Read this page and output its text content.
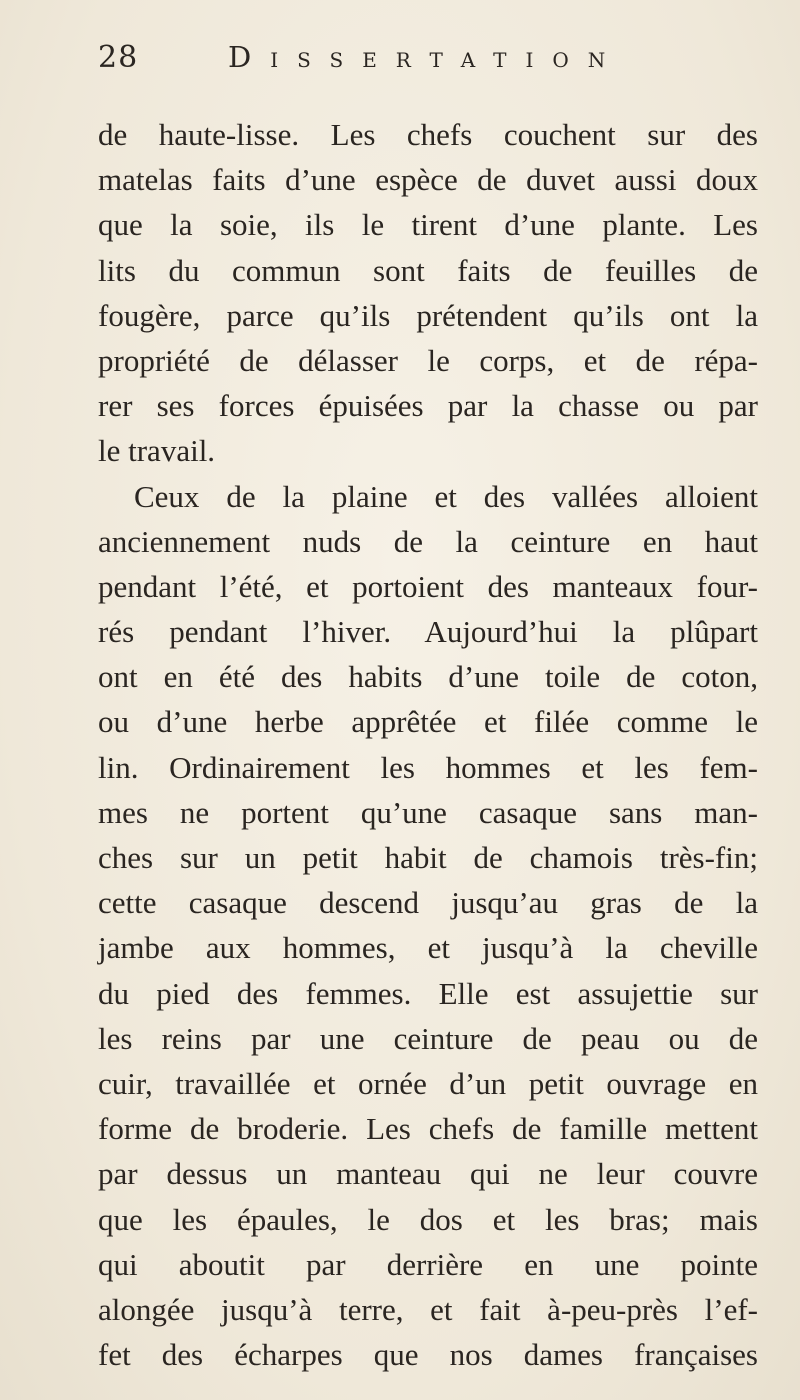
28	Dissertation
de haute-lisse. Les chefs couchent sur des
matelas faits d’une espèce de duvet aussi doux
que la soie, ils le tirent d’une plante. Les
lits du commun sont faits de feuilles de
fougère, parce qu’ils prétendent qu’ils ont la
propriété de délasser le corps, et de répa-
rer ses forces épuisées par la chasse ou par
le travail.
Ceux de la plaine et des vallées alloient
anciennement nuds de la ceinture en haut
pendant l’été, et portoient des manteaux four-
rés pendant l’hiver. Aujourd’hui la plûpart
ont en été des habits d’une toile de coton,
ou d’une herbe apprêtée et filée comme le
lin. Ordinairement les hommes et les fem-
mes ne portent qu’une casaque sans man-
ches sur un petit habit de chamois très-fin;
cette casaque descend jusqu’au gras de la
jambe aux hommes, et jusqu’à la cheville
du pied des femmes. Elle est assujettie sur
les reins par une ceinture de peau ou de
cuir, travaillée et ornée d’un petit ouvrage en
forme de broderie. Les chefs de famille mettent
par dessus un manteau qui ne leur couvre
que les épaules, le dos et les bras; mais
qui aboutit par derrière en une pointe
alongée jusqu’à terre, et fait à-peu-près l’ef-
fet des écharpes que nos dames françaises
